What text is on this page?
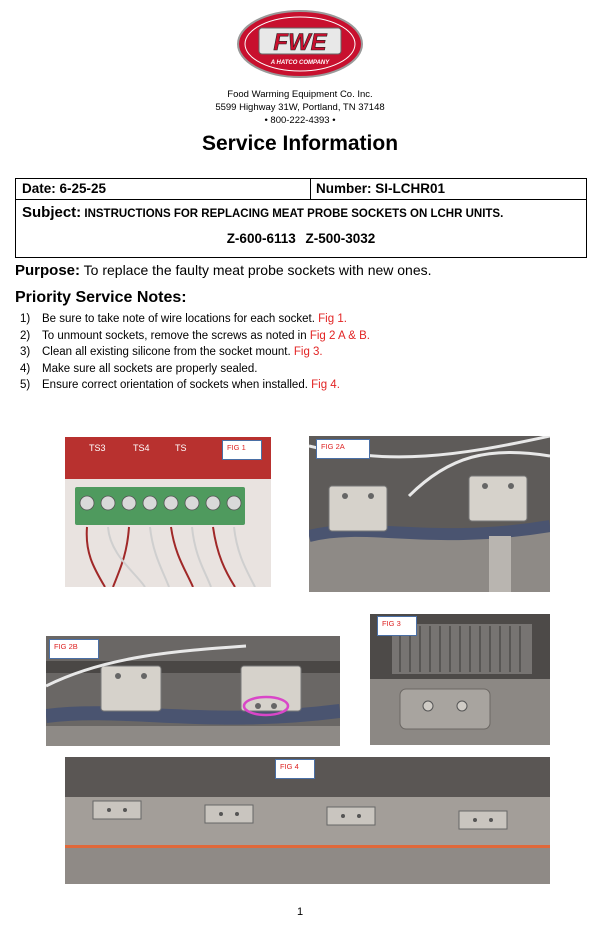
FWE
A HATCO COMPANY
Food Warming Equipment Co. Inc.
5599 Highway 31W, Portland, TN 37148
• 800-222-4393 •
Service Information
Date: 6-25-25	Number: SI-LCHR01
Subject: INSTRUCTIONS FOR REPLACING MEAT PROBE SOCKETS ON LCHR UNITS.
Z-600-6113 Z-500-3032
Purpose: To replace the faulty meat probe sockets with new ones.
Priority Service Notes:
1) Be sure to take note of wire locations for each socket. Fig 1.
2) To unmount sockets, remove the screws as noted in Fig 2 A & B.
3) Clean all existing silicone from the socket mount. Fig 3.
4) Make sure all sockets are properly sealed.
5) Ensure correct orientation of sockets when installed. Fig 4.
TS3	TS4	TS	FIG 1	FIG 2A
FIG 2B
FIG 3
FIG 4
1
